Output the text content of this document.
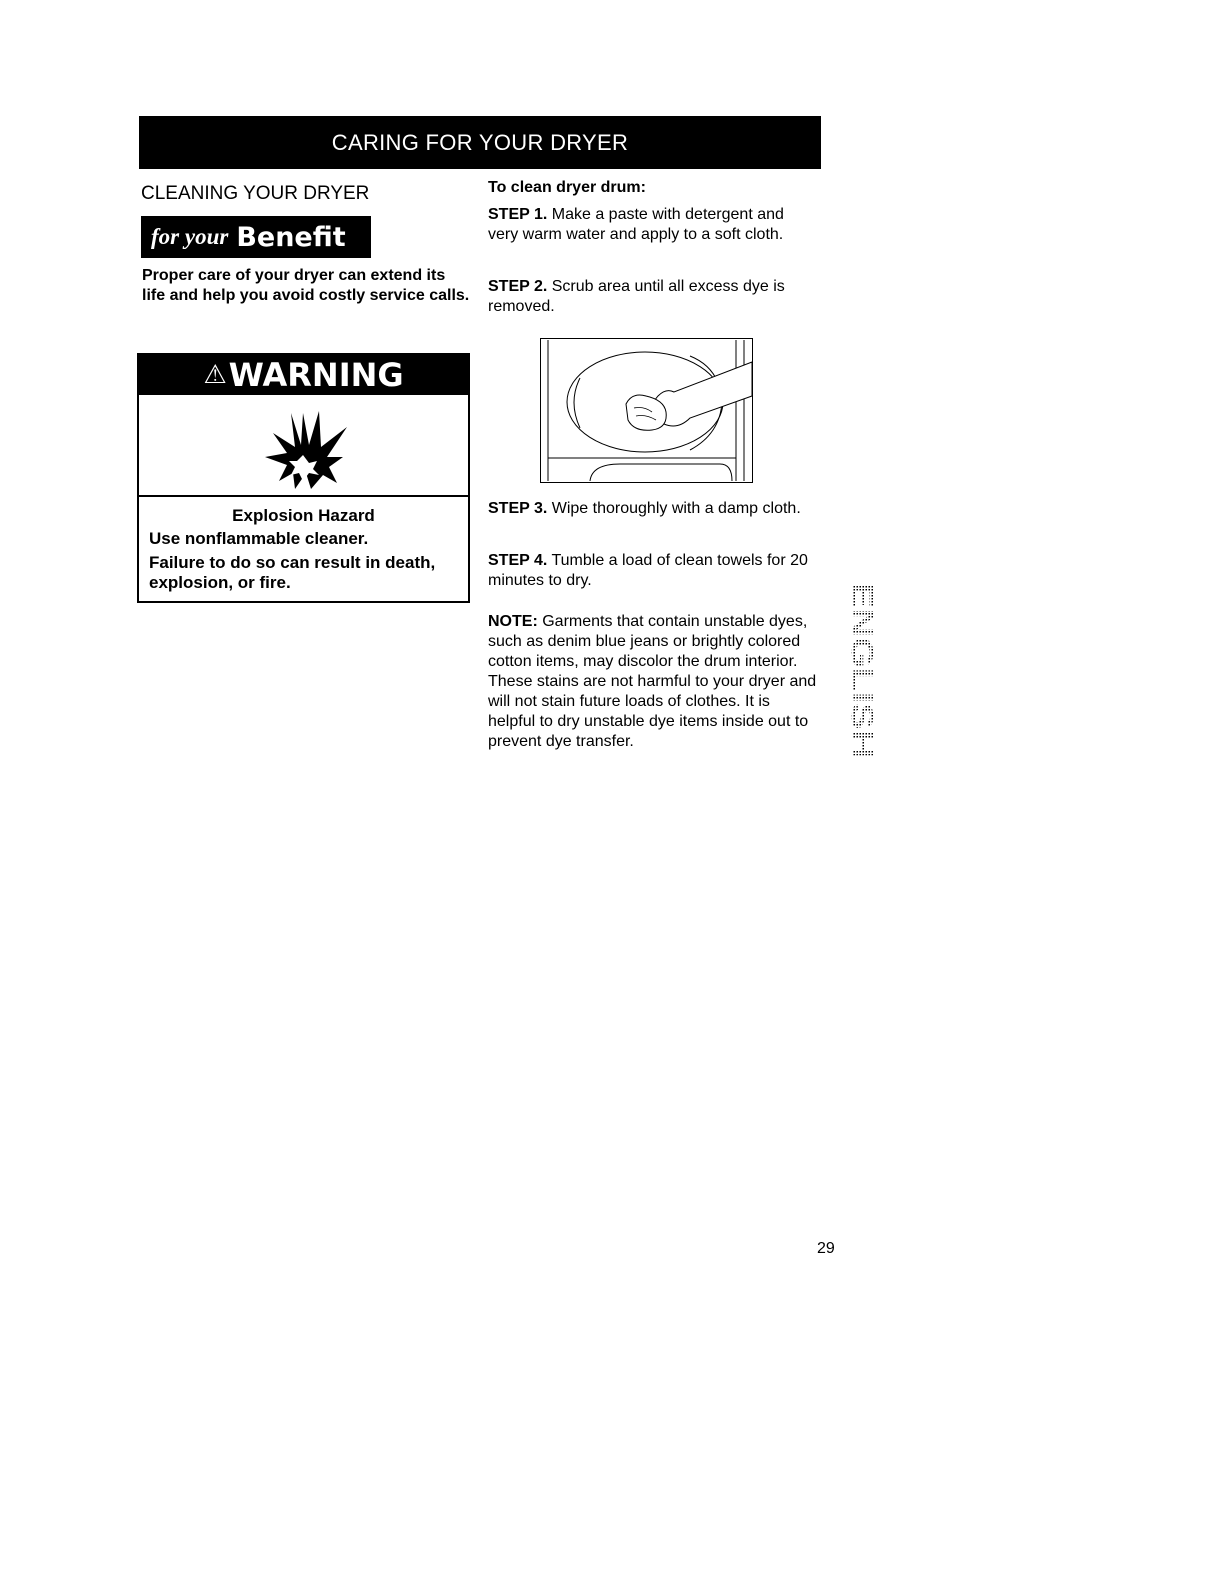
CARING FOR YOUR DRYER
CLEANING YOUR DRYER
for your Benefit
Proper care of your dryer can extend its life and help you avoid costly service calls.
⚠ WARNING
Explosion Hazard
Use nonflammable cleaner.
Failure to do so can result in death, explosion, or fire.
To clean dryer drum:
STEP 1. Make a paste with detergent and very warm water and apply to a soft cloth.
STEP 2. Scrub area until all excess dye is removed.
STEP 3. Wipe thoroughly with a damp cloth.
STEP 4. Tumble a load of clean towels for 20 minutes to dry.
NOTE: Garments that contain unstable dyes, such as denim blue jeans or brightly colored cotton items, may discolor the drum interior. These stains are not harmful to your dryer and will not stain future loads of clothes. It is helpful to dry unstable dye items inside out to prevent dye transfer.
ENGLISH
29
